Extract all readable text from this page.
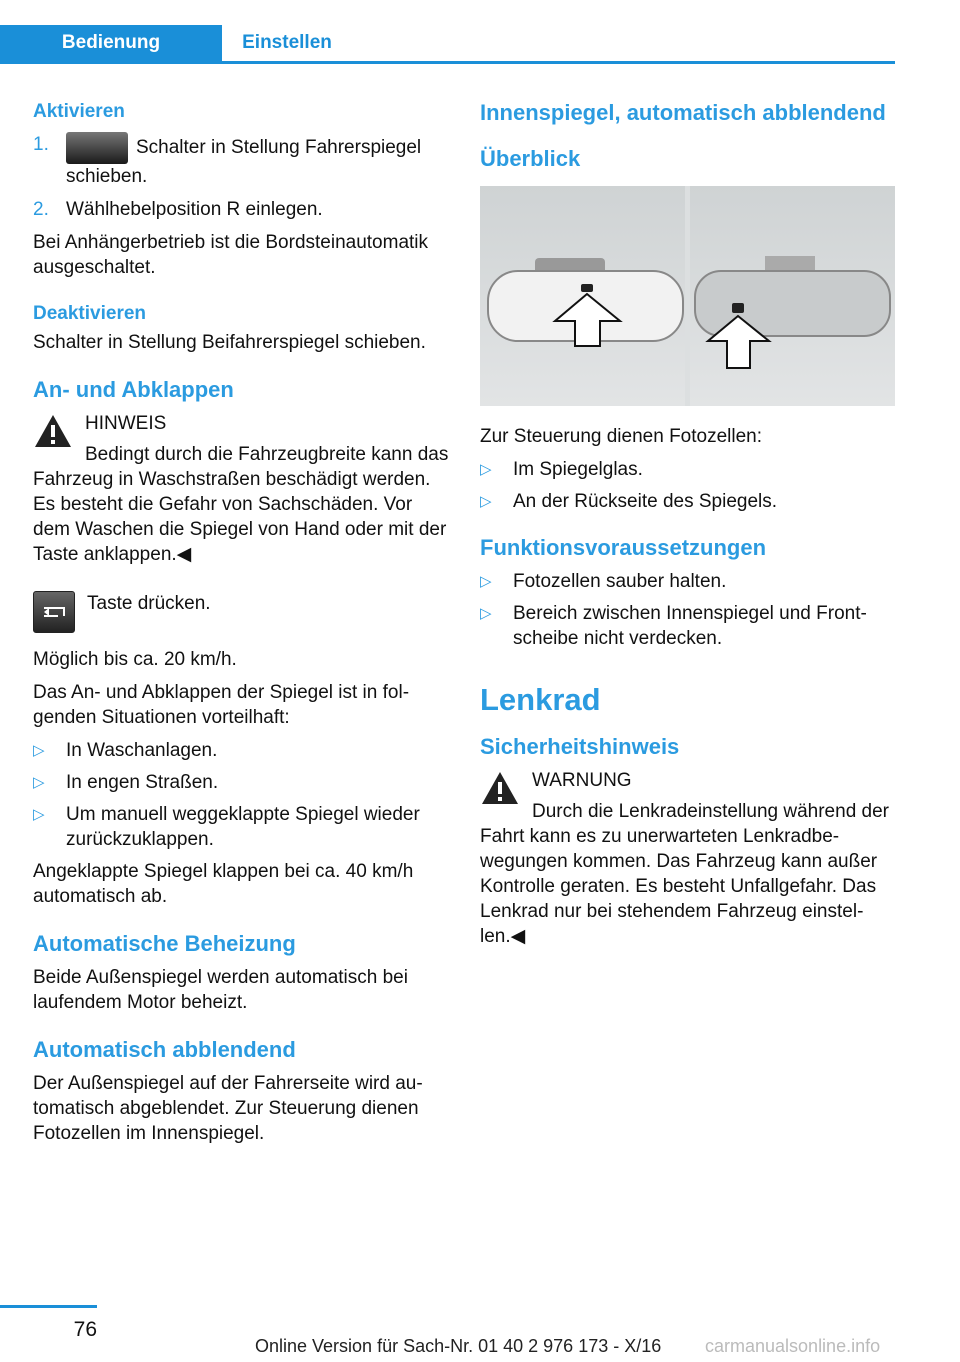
Bedienung	Einstellen
Aktivieren
1.	Schalter in Stellung Fahrerspiegel schieben.
2. Wählhebelposition R einlegen.

Bei Anhängerbetrieb ist die Bordsteinautomatik ausgeschaltet.

Deaktivieren

Schalter in Stellung Beifahrerspiegel schieben.

An- und Abklappen
HINWEIS
Bedingt durch die Fahrzeugbreite kann das Fahrzeug in Waschstraßen beschädigt werden. Es besteht die Gefahr von Sachschäden. Vor dem Waschen die Spiegel von Hand oder mit der Taste anklappen.◀
Taste drücken.

Möglich bis ca. 20 km/h.

Das An- und Abklappen der Spiegel ist in folgenden Situationen vorteilhaft:

▷	In Waschanlagen.
▷	In engen Straßen.
▷	Um manuell weggeklappte Spiegel wieder zurückzuklappen.

Angeklappte Spiegel klappen bei ca. 40 km/h automatisch ab.

Automatische Beheizung

Beide Außenspiegel werden automatisch bei laufendem Motor beheizt.

Automatisch abblendend

Der Außenspiegel auf der Fahrerseite wird automatisch abgeblendet. Zur Steuerung dienen Fotozellen im Innenspiegel.

Innenspiegel, automatisch abblendend
Überblick

Zur Steuerung dienen Fotozellen:

▷	Im Spiegelglas.
▷	An der Rückseite des Spiegels.
Funktionsvoraussetzungen
▷	Fotozellen sauber halten.
▷	Bereich zwischen Innenspiegel und Frontscheibe nicht verdecken.
Lenkrad
Sicherheitshinweis
WARNUNG
Durch die Lenkradeinstellung während der Fahrt kann es zu unerwarteten Lenkradbewegungen kommen. Das Fahrzeug kann außer Kontrolle geraten. Es besteht Unfallgefahr. Das Lenkrad nur bei stehendem Fahrzeug einstellen.◀
76
Online Version für Sach-Nr. 01 40 2 976 173 - X/16 carmanualsonline.info
